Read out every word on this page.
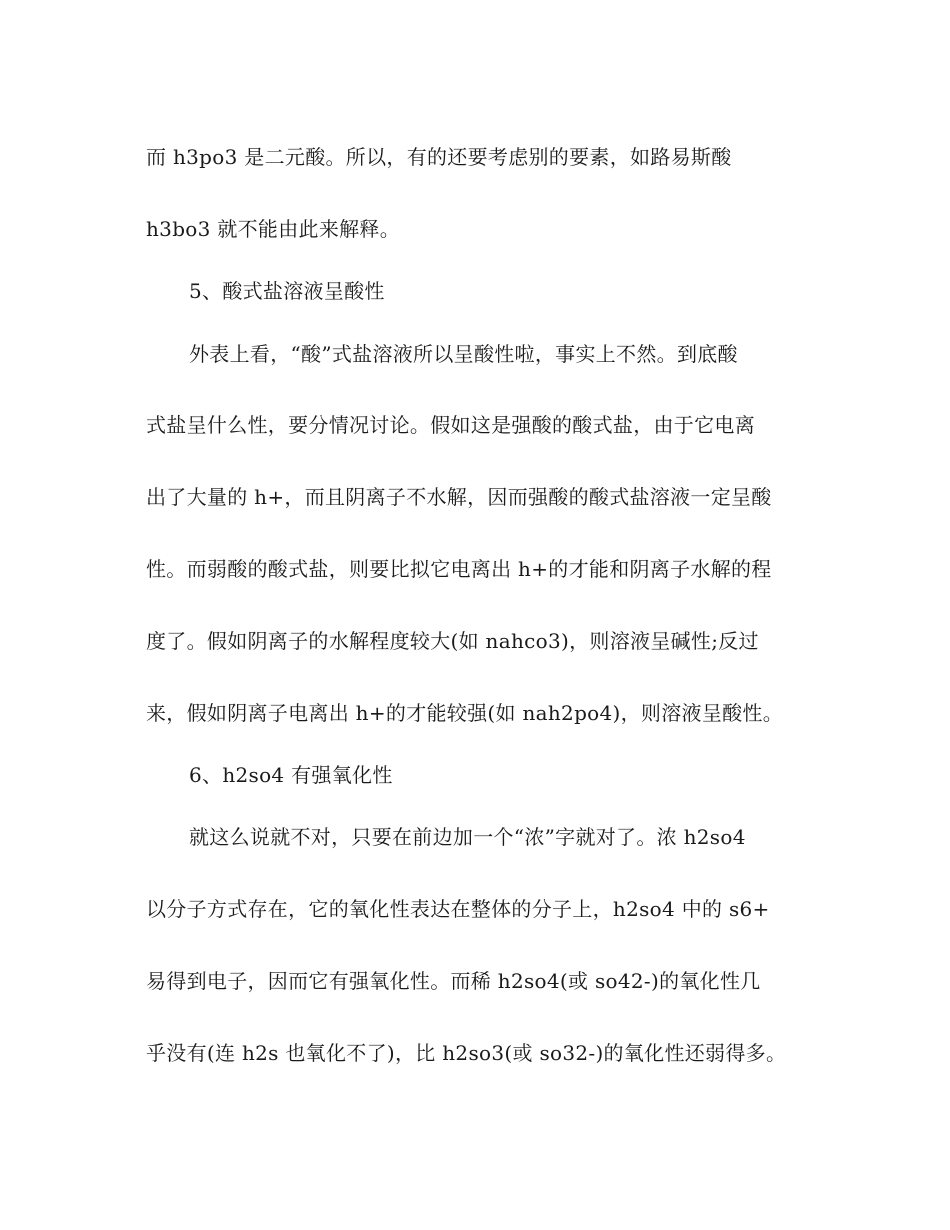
而 h3po3 是二元酸。所以，有的还要考虑别的要素，如路易斯酸

h3bo3 就不能由此来解释。

5、酸式盐溶液呈酸性

外表上看，“酸”式盐溶液所以呈酸性啦，事实上不然。到底酸

式盐呈什么性，要分情况讨论。假如这是强酸的酸式盐，由于它电离

出了大量的 h+，而且阴离子不水解，因而强酸的酸式盐溶液一定呈酸

性。而弱酸的酸式盐，则要比拟它电离出 h+的才能和阴离子水解的程

度了。假如阴离子的水解程度较大(如 nahco3)，则溶液呈碱性;反过

来，假如阴离子电离出 h+的才能较强(如 nah2po4)，则溶液呈酸性。

6、h2so4 有强氧化性

就这么说就不对，只要在前边加一个“浓”字就对了。浓 h2so4

以分子方式存在，它的氧化性表达在整体的分子上，h2so4 中的 s6+

易得到电子，因而它有强氧化性。而稀 h2so4(或 so42-)的氧化性几

乎没有(连 h2s 也氧化不了)，比 h2so3(或 so32-)的氧化性还弱得多。
